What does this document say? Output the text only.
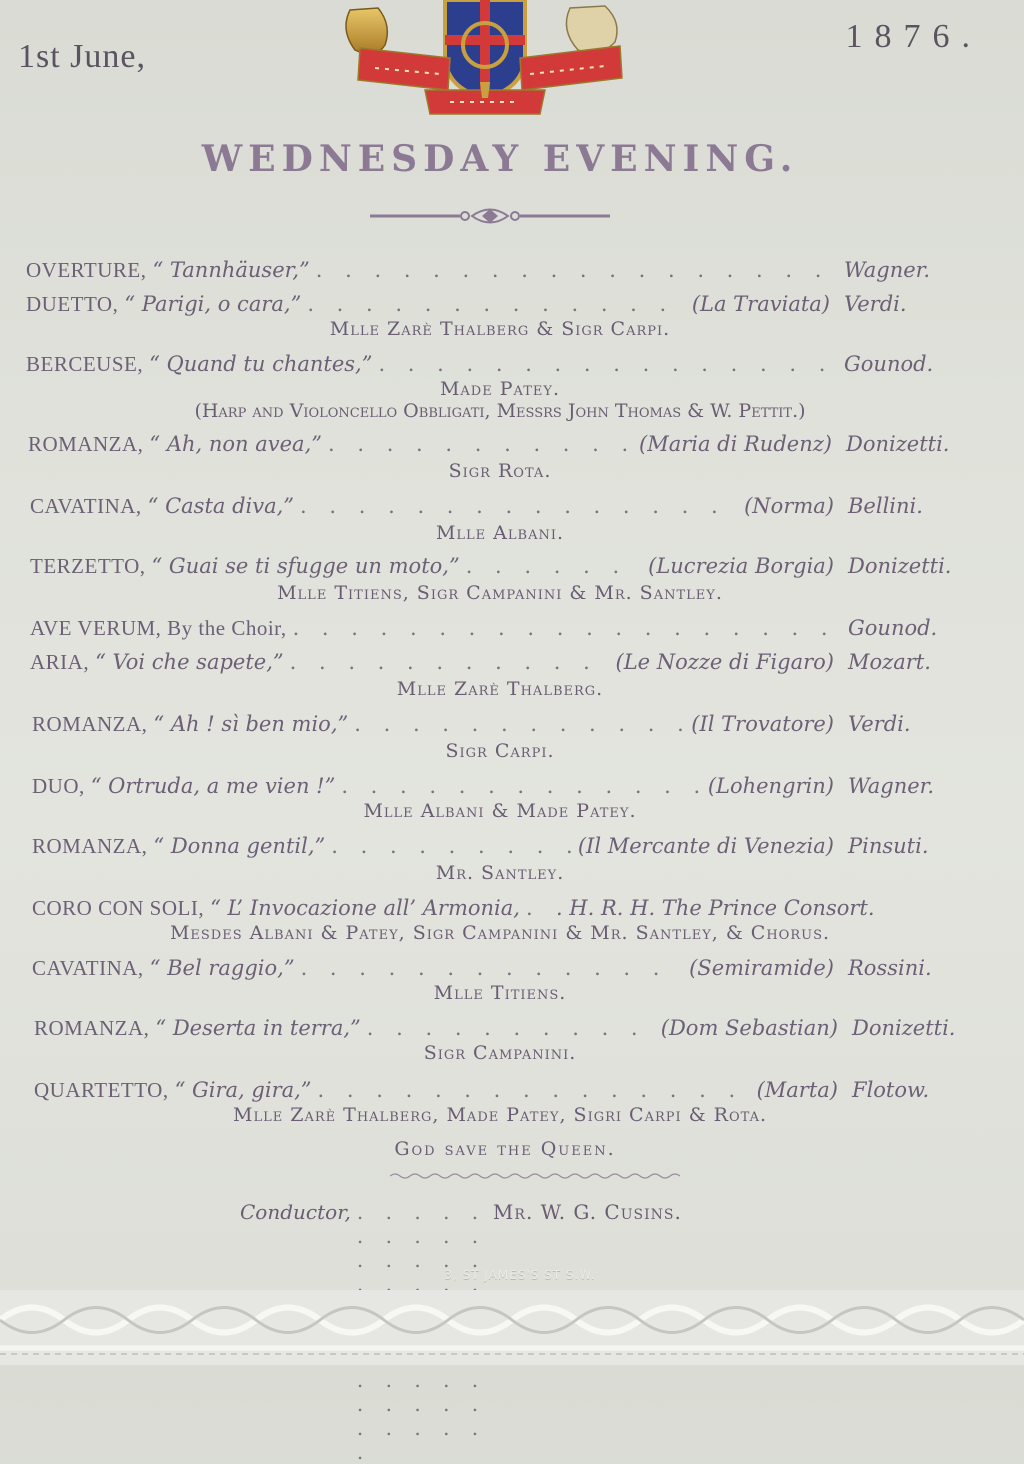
1st June,
1876.
WEDNESDAY EVENING.
OVERTURE, “ Tannhäuser,” . . .	Wagner.
DUETTO, “ Parigi, o cara,” . . .	(La Traviata) Verdi.
Mlle Zarè Thalberg & Sigr Carpi.
BERCEUSE, “ Quand tu chantes,” . . .	Gounod.
Made Patey.
(Harp and Violoncello Obbligati, Messrs John Thomas & W. Pettit.)
ROMANZA, “ Ah, non avea,” . . .	(Maria di Rudenz) Donizetti.
Sigr Rota.
CAVATINA, “ Casta diva,” . . .	(Norma) Bellini.
Mlle Albani.
TERZETTO, “ Guai se ti sfugge un moto,” . . .	(Lucrezia Borgia) Donizetti.
Mlle Titiens, Sigr Campanini & Mr. Santley.
AVE VERUM, By the Choir, . . .	Gounod.
ARIA, “ Voi che sapete,” . . .	(Le Nozze di Figaro) Mozart.
Mlle Zarè Thalberg.
ROMANZA, “ Ah ! sì ben mio,” . . .	(Il Trovatore) Verdi.
Sigr Carpi.
DUO, “ Ortruda, a me vien !” . . .	(Lohengrin) Wagner.
Mlle Albani & Made Patey.
ROMANZA, “ Donna gentil,” . . .	(Il Mercante di Venezia) Pinsuti.
Mr. Santley.
CORO CON SOLI, “ L’ Invocazione all’ Armonia, . . . . H. R. H. The Prince Consort.
Mesdes Albani & Patey, Sigr Campanini & Mr. Santley, & Chorus.
CAVATINA, “ Bel raggio,” . . .	(Semiramide) Rossini.
Mlle Titiens.
ROMANZA, “ Deserta in terra,” . . .	(Dom Sebastian) Donizetti.
Sigr Campanini.
QUARTETTO, “ Gira, gira,” . . .	(Marta) Flotow.
Mlle Zarè Thalberg, Made Patey, Sigri Carpi & Rota.
God save the Queen.
Conductor, . . .	Mr. W. G. Cusins.
3, ST JAMES'S ST S.W.
